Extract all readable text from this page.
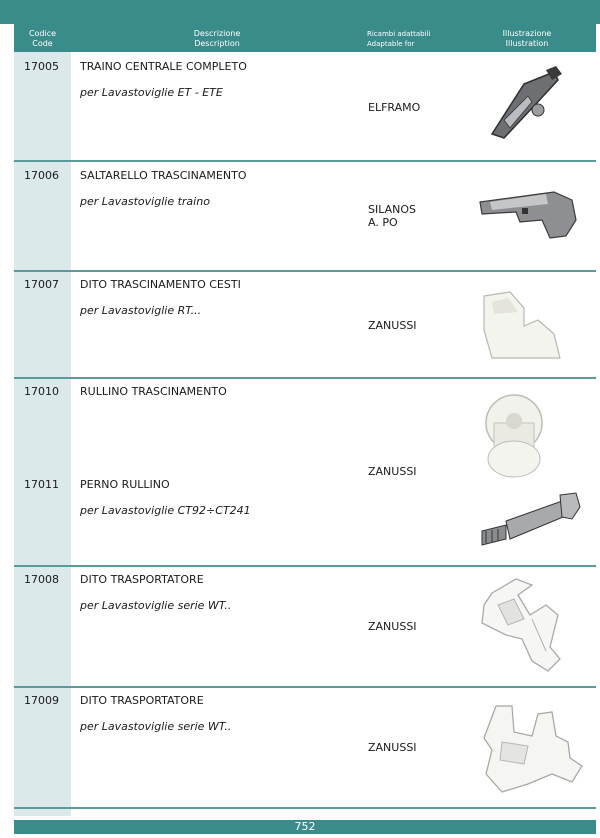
Codice
Code
Descrizione
Description
Ricambi adattabili
Adaptable for
Illustrazione
Illustration
17005 TRAINO CENTRALE COMPLETO
per Lavastoviglie ET - ETE
ELFRAMO
17006 SALTARELLO TRASCINAMENTO
per Lavastoviglie traino
SILANOS
A. PO
17007 DITO TRASCINAMENTO CESTI
per Lavastoviglie RT...
ZANUSSI
17010 RULLINO TRASCINAMENTO
ZANUSSI
17011 PERNO RULLINO
per Lavastoviglie CT92÷CT241
17008 DITO TRASPORTATORE
per Lavastoviglie serie WT..
ZANUSSI
17009 DITO TRASPORTATORE
per Lavastoviglie serie WT..
ZANUSSI
752
